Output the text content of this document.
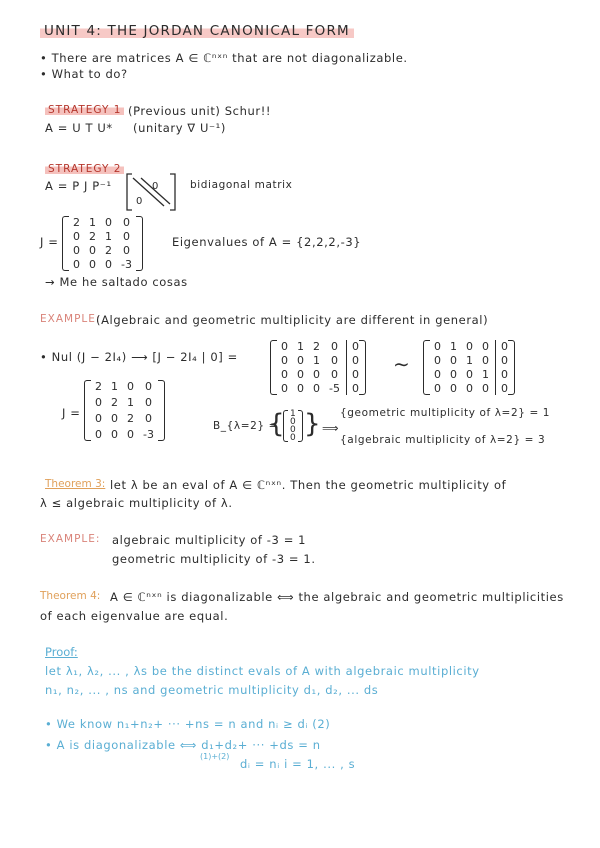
UNIT 4: THE JORDAN CANONICAL FORM
• There are matrices A ∈ ℂⁿˣⁿ that are not diagonalizable.
• What to do?
STRATEGY 1 (Previous unit) Schur!!
A = U T U* (unitary ∇ U⁻¹)
STRATEGY 2
A = P J P⁻¹	0
0
bidiagonal matrix
J =
2 1 0 0
0 2 1 0
0 0 2 0
0 0 0 -3
Eigenvalues of A = {2,2,2,-3}
→ Me he saltado cosas
EXAMPLE:
(Algebraic and geometric multiplicity are different in general)
• Nul (J − 2I₄) ⟶ [J − 2I₄ | 0] =
0 1 2 0
0 0 1 0
0 0 0 0
0 0 0 -5
0
0
0
0
∼
0 1 0 0
0 0 1 0
0 0 0 1
0 0 0 0
0
0
0
0
J =
2 1 0 0
0 2 1 0
0 0 2 0
0 0 0 -3
B_{λ=2} =
{ 1
0
0
0 } ⟹
{geometric multiplicity of λ=2} = 1
{algebraic multiplicity of λ=2} = 3
Theorem 3: let λ be an eval of A ∈ ℂⁿˣⁿ. Then the geometric multiplicity of
λ ≤ algebraic multiplicity of λ.
EXAMPLE: algebraic multiplicity of -3 = 1
geometric multiplicity of -3 = 1.
Theorem 4: A ∈ ℂⁿˣⁿ is diagonalizable ⟺ the algebraic and geometric multiplicities
of each eigenvalue are equal.
Proof:
let λ₁, λ₂, ... , λs be the distinct evals of A with algebraic multiplicity
n₁, n₂, ... , ns and geometric multiplicity d₁, d₂, ... ds
• We know n₁+n₂+ ··· +ns = n and nᵢ ≥ dᵢ (2)
• A is diagonalizable ⟺ d₁+d₂+ ··· +ds = n
(1)+(2)
dᵢ = nᵢ i = 1, ... , s
